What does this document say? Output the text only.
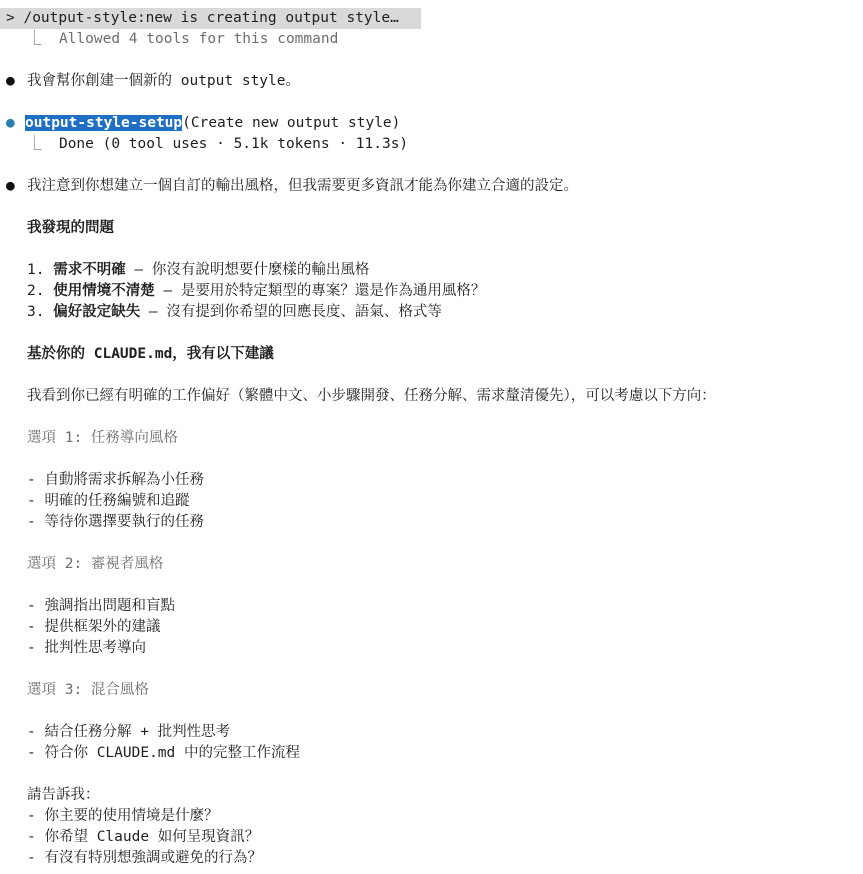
> /output-style:new is creating output style…
⎿ Allowed 4 tools for this command
● 我會幫你創建一個新的 output style。
● output-style-setup(Create new output style)
⎿ Done (0 tool uses · 5.1k tokens · 11.3s)
● 我注意到你想建立一個自訂的輸出風格，但我需要更多資訊才能為你建立合適的設定。
我發現的問題
1. 需求不明確 – 你沒有說明想要什麼樣的輸出風格
2. 使用情境不清楚 – 是要用於特定類型的專案？還是作為通用風格？
3. 偏好設定缺失 – 沒有提到你希望的回應長度、語氣、格式等
基於你的 CLAUDE.md，我有以下建議
我看到你已經有明確的工作偏好（繁體中文、小步驟開發、任務分解、需求釐清優先），可以考慮以下方向：
選項 1: 任務導向風格
- 自動將需求拆解為小任務
- 明確的任務編號和追蹤
- 等待你選擇要執行的任務
選項 2: 審視者風格
- 強調指出問題和盲點
- 提供框架外的建議
- 批判性思考導向
選項 3: 混合風格
- 結合任務分解 + 批判性思考
- 符合你 CLAUDE.md 中的完整工作流程
請告訴我：
- 你主要的使用情境是什麼？
- 你希望 Claude 如何呈現資訊？
- 有沒有特別想強調或避免的行為？
